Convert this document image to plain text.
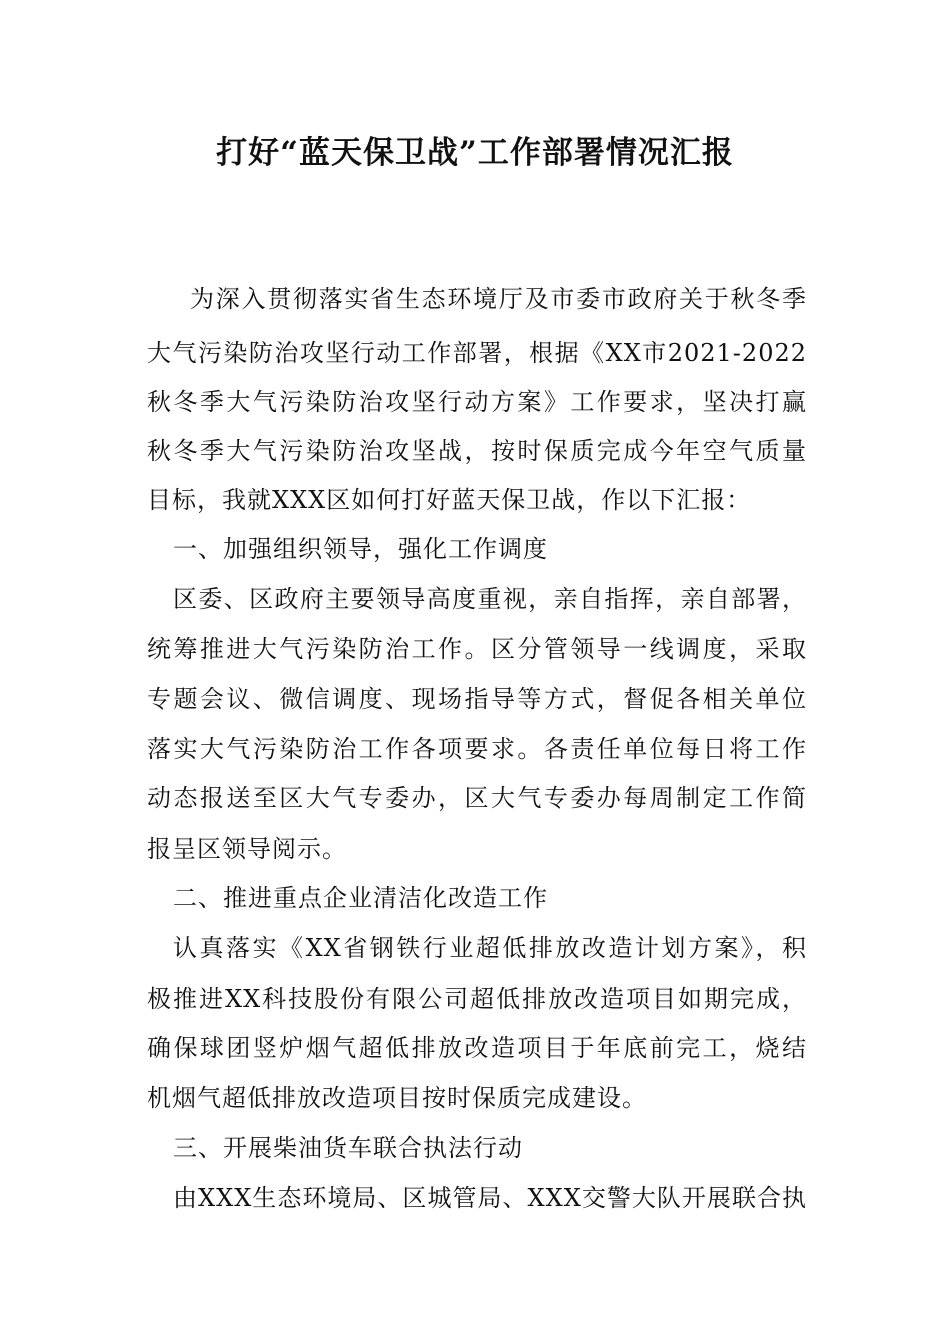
打好“蓝天保卫战”工作部署情况汇报
为深入贯彻落实省生态环境厅及市委市政府关于秋冬季
大气污染防治攻坚行动工作部署，根据《XX市2021-2022
秋冬季大气污染防治攻坚行动方案》工作要求，坚决打赢
秋冬季大气污染防治攻坚战，按时保质完成今年空气质量
目标，我就XXX区如何打好蓝天保卫战，作以下汇报：
一、加强组织领导，强化工作调度
区委、区政府主要领导高度重视，亲自指挥，亲自部署，
统筹推进大气污染防治工作。区分管领导一线调度，采取
专题会议、微信调度、现场指导等方式，督促各相关单位
落实大气污染防治工作各项要求。各责任单位每日将工作
动态报送至区大气专委办，区大气专委办每周制定工作简
报呈区领导阅示。
二、推进重点企业清洁化改造工作
认真落实《XX省钢铁行业超低排放改造计划方案》，积
极推进XX科技股份有限公司超低排放改造项目如期完成，
确保球团竖炉烟气超低排放改造项目于年底前完工，烧结
机烟气超低排放改造项目按时保质完成建设。
三、开展柴油货车联合执法行动
由XXX生态环境局、区城管局、XXX交警大队开展联合执
